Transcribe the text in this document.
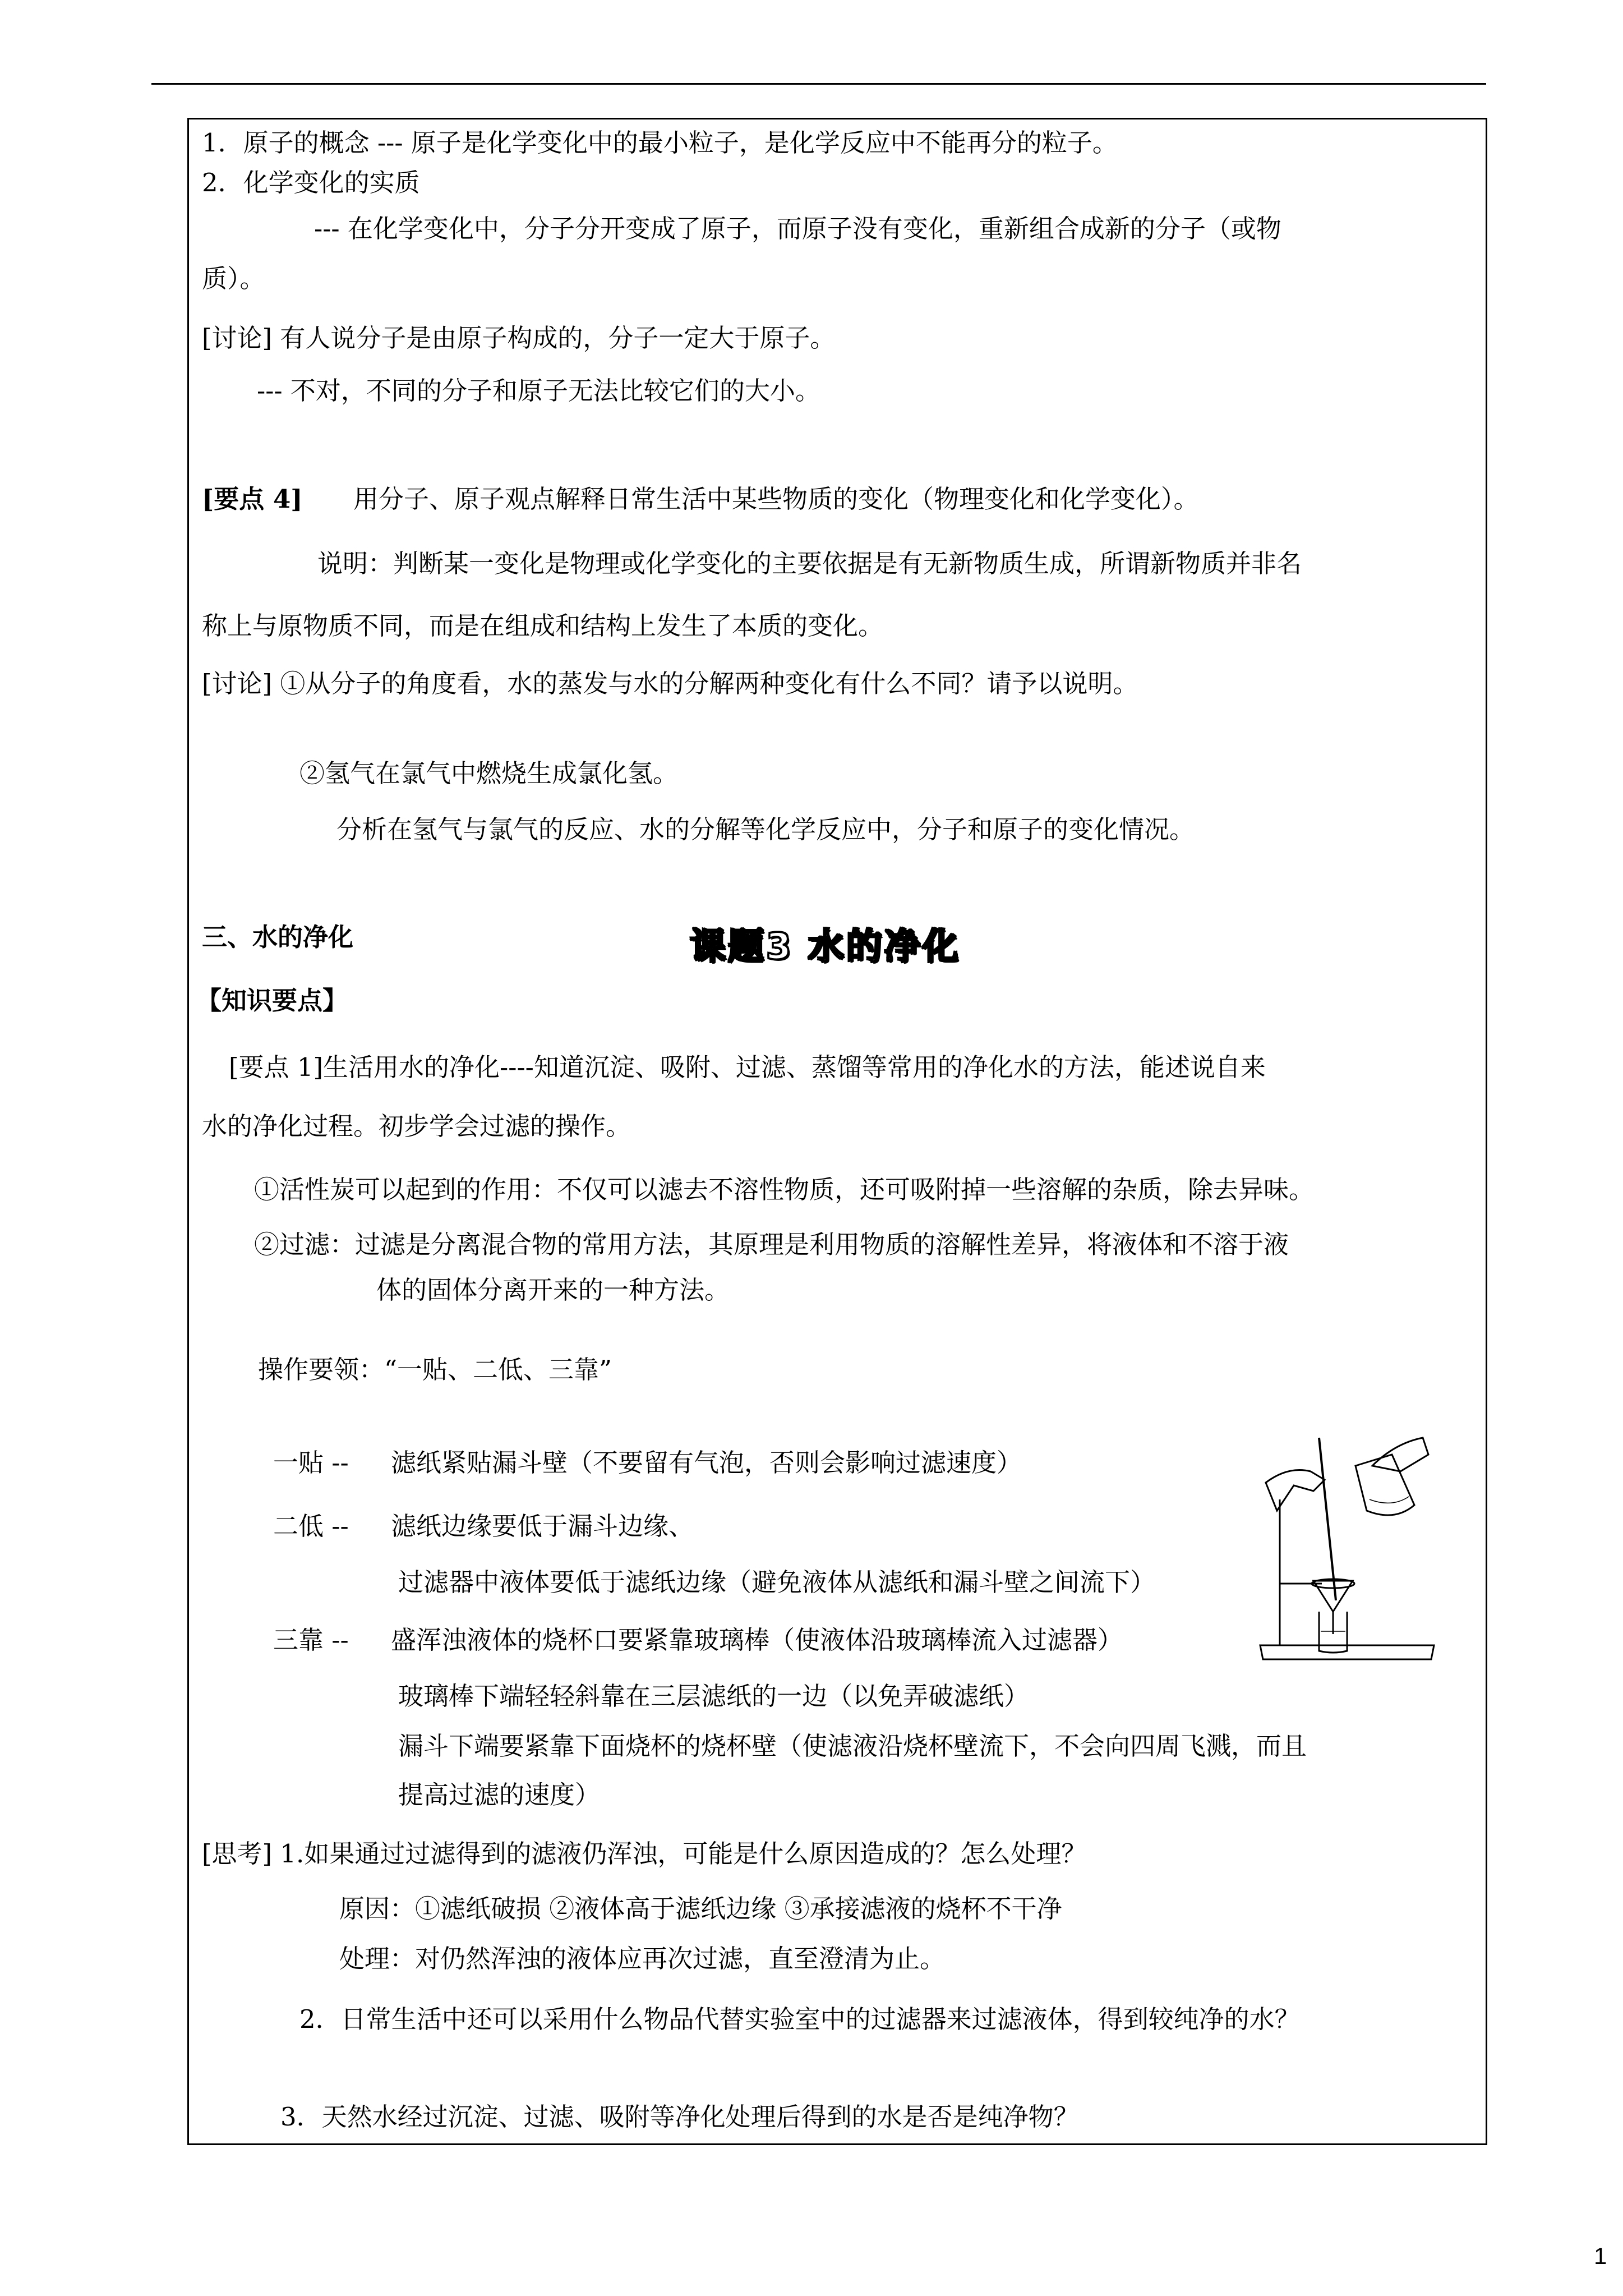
1．原子的概念 --- 原子是化学变化中的最小粒子，是化学反应中不能再分的粒子。
2．化学变化的实质
--- 在化学变化中，分子分开变成了原子，而原子没有变化，重新组合成新的分子（或物
质）。
[讨论] 有人说分子是由原子构成的，分子一定大于原子。
--- 不对，不同的分子和原子无法比较它们的大小。
[要点 4] 用分子、原子观点解释日常生活中某些物质的变化（物理变化和化学变化）。
说明：判断某一变化是物理或化学变化的主要依据是有无新物质生成，所谓新物质并非名
称上与原物质不同，而是在组成和结构上发生了本质的变化。
[讨论] ①从分子的角度看，水的蒸发与水的分解两种变化有什么不同？请予以说明。
②氢气在氯气中燃烧生成氯化氢。
分析在氢气与氯气的反应、水的分解等化学反应中，分子和原子的变化情况。
三、水的净化	课题3 水的净化
【知识要点】
[要点 1]生活用水的净化----知道沉淀、吸附、过滤、蒸馏等常用的净化水的方法，能述说自来
水的净化过程。初步学会过滤的操作。
①活性炭可以起到的作用：不仅可以滤去不溶性物质，还可吸附掉一些溶解的杂质，除去异味。
②过滤：过滤是分离混合物的常用方法，其原理是利用物质的溶解性差异，将液体和不溶于液
体的固体分离开来的一种方法。
操作要领：“一贴、二低、三靠”
一贴 -- 滤纸紧贴漏斗壁（不要留有气泡，否则会影响过滤速度）
二低 -- 滤纸边缘要低于漏斗边缘、
过滤器中液体要低于滤纸边缘（避免液体从滤纸和漏斗壁之间流下）
三靠 -- 盛浑浊液体的烧杯口要紧靠玻璃棒（使液体沿玻璃棒流入过滤器）
玻璃棒下端轻轻斜靠在三层滤纸的一边（以免弄破滤纸）
漏斗下端要紧靠下面烧杯的烧杯壁（使滤液沿烧杯壁流下，不会向四周飞溅，而且
提高过滤的速度）
[思考] 1.如果通过过滤得到的滤液仍浑浊，可能是什么原因造成的？怎么处理？
原因：①滤纸破损 ②液体高于滤纸边缘 ③承接滤液的烧杯不干净
处理：对仍然浑浊的液体应再次过滤，直至澄清为止。
2．日常生活中还可以采用什么物品代替实验室中的过滤器来过滤液体，得到较纯净的水？
3．天然水经过沉淀、过滤、吸附等净化处理后得到的水是否是纯净物？
1
